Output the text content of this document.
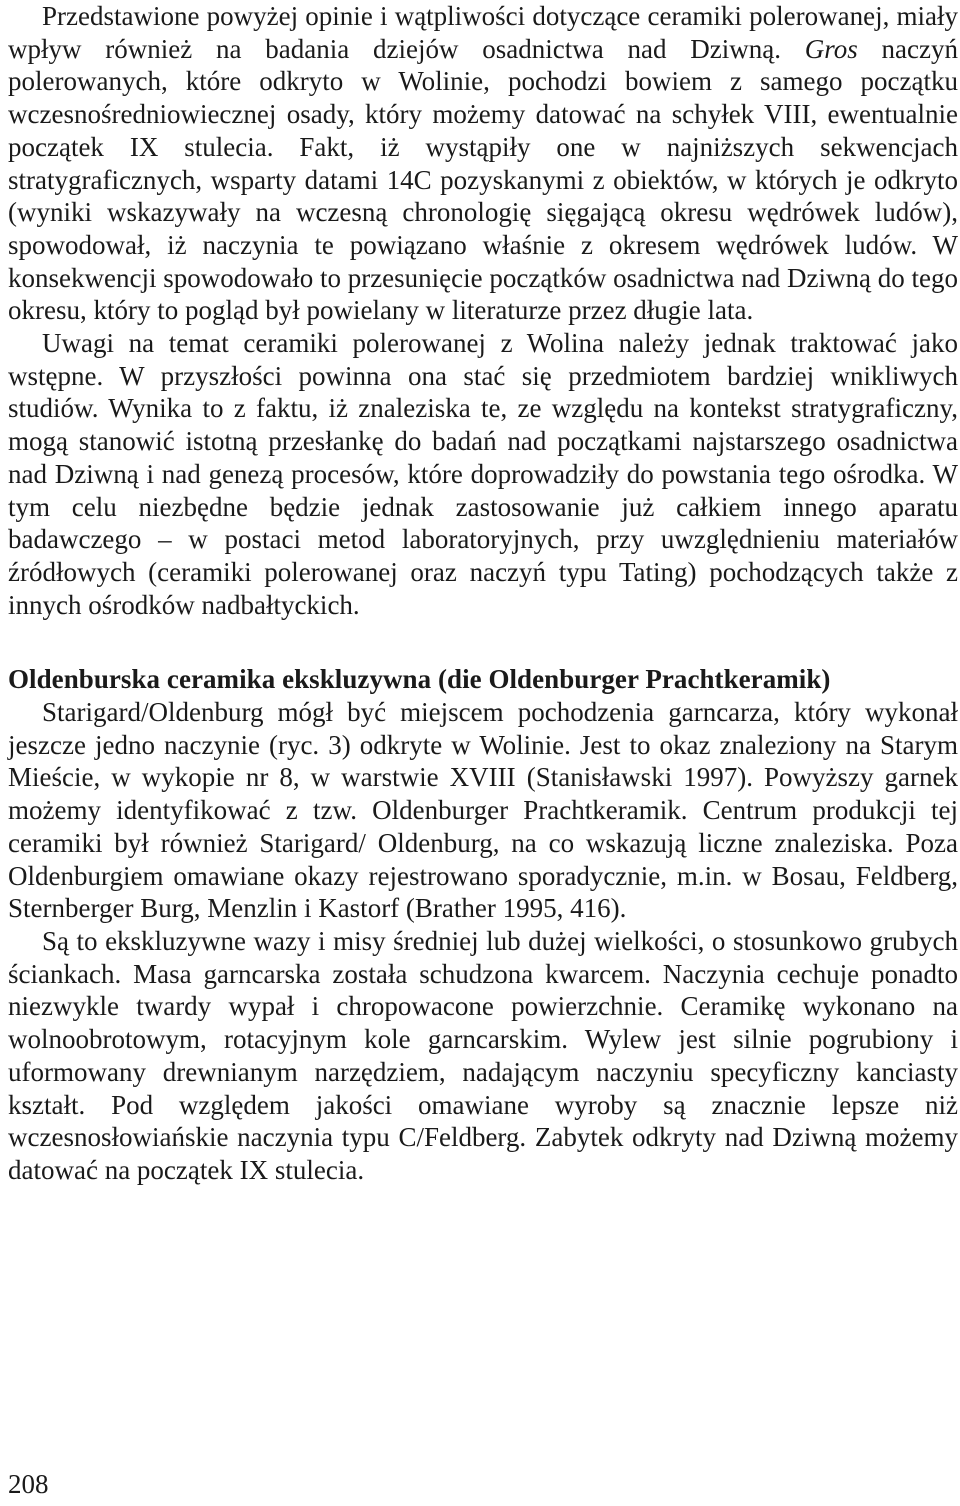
Przedstawione powyżej opinie i wątpliwości dotyczące ceramiki polerowanej, miały wpływ również na badania dziejów osadnictwa nad Dziwną. Gros naczyń polerowanych, które odkryto w Wolinie, pochodzi bowiem z samego początku wczesnośredniowiecznej osady, który możemy datować na schyłek VIII, ewentualnie początek IX stulecia. Fakt, iż wystąpiły one w najniższych sekwencjach stratygraficznych, wsparty datami 14C pozyskanymi z obiektów, w których je odkryto (wyniki wskazywały na wczesną chronologię sięgającą okresu wędrówek ludów), spowodował, iż naczynia te powiązano właśnie z okresem wędrówek ludów. W konsekwencji spowodowało to przesunięcie początków osadnictwa nad Dziwną do tego okresu, który to pogląd był powielany w literaturze przez długie lata.

Uwagi na temat ceramiki polerowanej z Wolina należy jednak traktować jako wstępne. W przyszłości powinna ona stać się przedmiotem bardziej wnikliwych studiów. Wynika to z faktu, iż znaleziska te, ze względu na kontekst stratygraficzny, mogą stanowić istotną przesłankę do badań nad początkami najstarszego osadnictwa nad Dziwną i nad genezą procesów, które doprowadziły do powstania tego ośrodka. W tym celu niezbędne będzie jednak zastosowanie już całkiem innego aparatu badawczego – w postaci metod laboratoryjnych, przy uwzględnieniu materiałów źródłowych (ceramiki polerowanej oraz naczyń typu Tating) pochodzących także z innych ośrodków nadbałtyckich.

Oldenburska ceramika ekskluzywna (die Oldenburger Prachtkeramik)

Starigard/Oldenburg mógł być miejscem pochodzenia garncarza, który wykonał jeszcze jedno naczynie (ryc. 3) odkryte w Wolinie. Jest to okaz znaleziony na Starym Mieście, w wykopie nr 8, w warstwie XVIII (Stanisławski 1997). Powyższy garnek możemy identyfikować z tzw. Oldenburger Prachtkeramik. Centrum produkcji tej ceramiki był również Starigard/ Oldenburg, na co wskazują liczne znaleziska. Poza Oldenburgiem omawiane okazy rejestrowano sporadycznie, m.in. w Bosau, Feldberg, Sternberger Burg, Menzlin i Kastorf (Brather 1995, 416).

Są to ekskluzywne wazy i misy średniej lub dużej wielkości, o stosunkowo grubych ściankach. Masa garncarska została schudzona kwarcem. Naczynia cechuje ponadto niezwykle twardy wypał i chropowacone powierzchnie. Ceramikę wykonano na wolnoobrotowym, rotacyjnym kole garncarskim. Wylew jest silnie pogrubiony i uformowany drewnianym narzędziem, nadającym naczyniu specyficzny kanciasty kształt. Pod względem jakości omawiane wyroby są znacznie lepsze niż wczesnosłowiańskie naczynia typu C/Feldberg. Zabytek odkryty nad Dziwną możemy datować na początek IX stulecia.

208
